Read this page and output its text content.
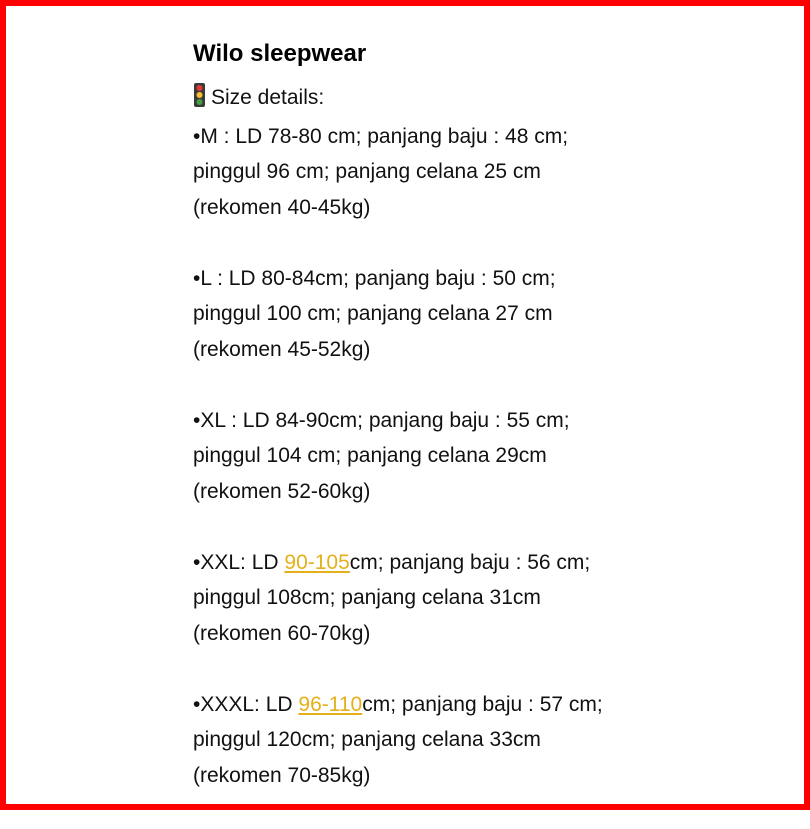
Wilo sleepwear
Size details:
•M : LD 78-80 cm; panjang baju : 48 cm;
pinggul 96 cm; panjang celana 25 cm
(rekomen 40-45kg)
•L : LD 80-84cm; panjang baju : 50 cm;
pinggul 100 cm; panjang celana 27 cm
(rekomen 45-52kg)
•XL : LD 84-90cm; panjang baju : 55 cm;
pinggul 104 cm; panjang celana 29cm
(rekomen 52-60kg)
•XXL: LD 90-105cm; panjang baju : 56 cm;
pinggul 108cm; panjang celana 31cm
(rekomen 60-70kg)
•XXXL: LD 96-110cm; panjang baju : 57 cm;
pinggul 120cm; panjang celana 33cm
(rekomen 70-85kg)
